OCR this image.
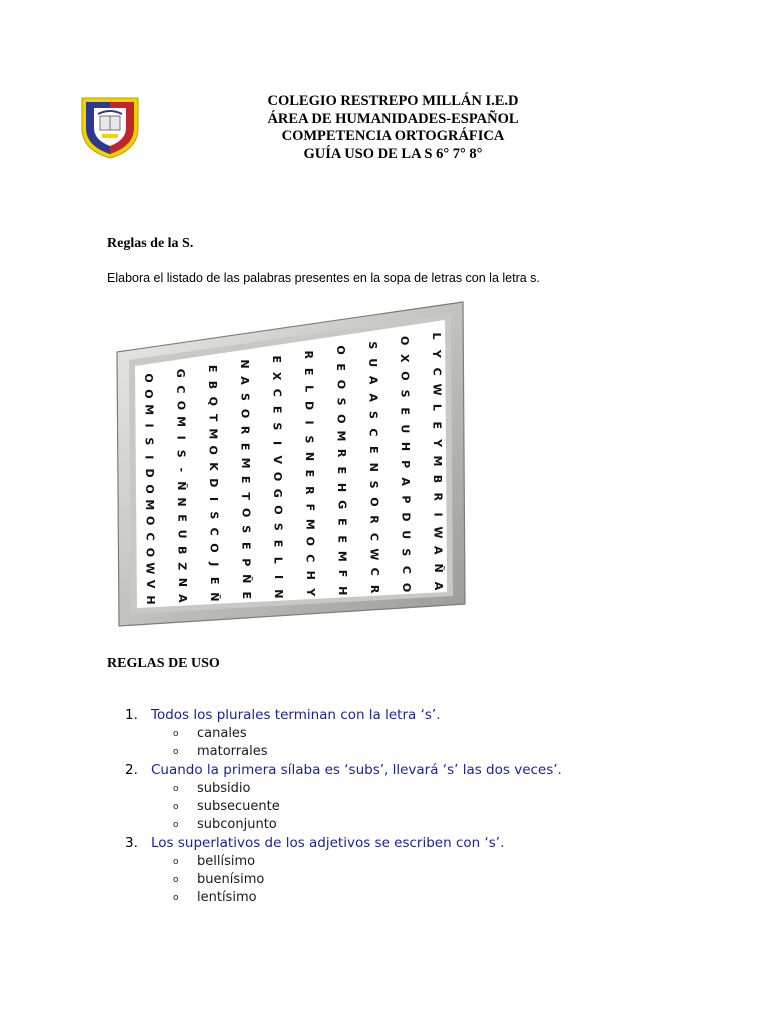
COLEGIO RESTREPO MILLÁN I.E.D
ÁREA DE HUMANIDADES-ESPAÑOL
COMPETENCIA ORTOGRÁFICA
GUÍA USO DE LA S 6° 7° 8°
Reglas de la S.
Elabora el listado de las palabras presentes en la sopa de letras con la letra s.
O
O
M
I
S
I
D
O
M
O
C
O
W
V
H
G
C
O
M
I
S
-
Ñ
N
E
U
B
Z
N
A
E
B
Q
T
M
O
K
D
I
S
C
O
J
E
Ñ
N
A
S
O
R
E
M
E
T
O
S
E
P
Ñ
E
E
X
C
E
S
I
V
O
G
O
S
E
L
I
N
R
E
L
D
I
S
N
E
R
F
M
O
C
H
Y
O
E
O
S
O
M
R
E
H
G
E
E
M
F
H
S
U
A
A
S
C
E
N
S
O
R
C
W
C
R
O
X
O
S
E
U
H
P
A
P
D
U
S
C
O
L
Y
C
W
L
E
Y
M
B
R
I
W
A
Ñ
A
REGLAS DE USO
1. Todos los plurales terminan con la letra ‘s’.
o canales
o matorrales
2. Cuando la primera sílaba es ‘subs’, llevará ‘s’ las dos veces’.
o subsidio
o subsecuente
o subconjunto
3. Los superlativos de los adjetivos se escriben con ‘s’.
o bellísimo
o buenísimo
o lentísimo
